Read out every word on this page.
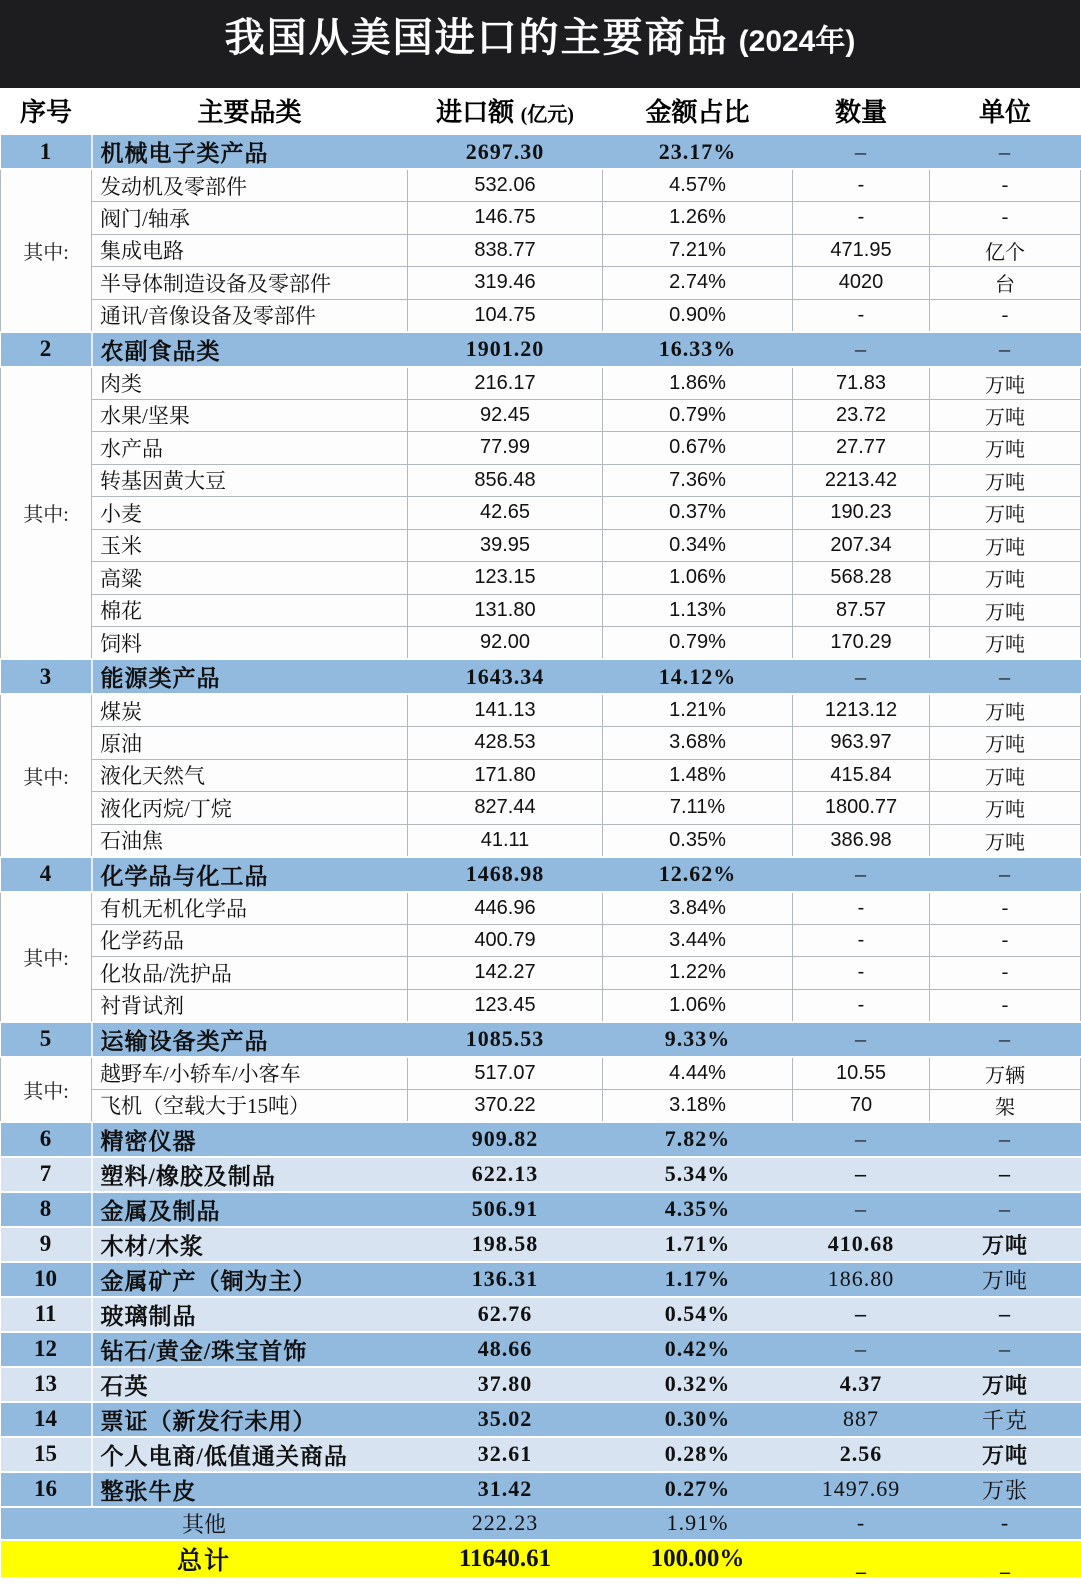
我国从美国进口的主要商品 (2024年)
序号	主要品类	进口额 (亿元)	金额占比	数量	单位
1	机械电子类产品	2697.30	23.17%	–	–
其中:	发动机及零部件	532.06	4.57%	-	-
	阀门/轴承	146.75	1.26%	-	-
	集成电路	838.77	7.21%	471.95	亿个
	半导体制造设备及零部件	319.46	2.74%	4020	台
	通讯/音像设备及零部件	104.75	0.90%	-	-
2	农副食品类	1901.20	16.33%	–	–
其中:	肉类	216.17	1.86%	71.83	万吨
	水果/坚果	92.45	0.79%	23.72	万吨
	水产品	77.99	0.67%	27.77	万吨
	转基因黄大豆	856.48	7.36%	2213.42	万吨
	小麦	42.65	0.37%	190.23	万吨
	玉米	39.95	0.34%	207.34	万吨
	高粱	123.15	1.06%	568.28	万吨
	棉花	131.80	1.13%	87.57	万吨
	饲料	92.00	0.79%	170.29	万吨
3	能源类产品	1643.34	14.12%	–	–
其中:	煤炭	141.13	1.21%	1213.12	万吨
	原油	428.53	3.68%	963.97	万吨
	液化天然气	171.80	1.48%	415.84	万吨
	液化丙烷/丁烷	827.44	7.11%	1800.77	万吨
	石油焦	41.11	0.35%	386.98	万吨
4	化学品与化工品	1468.98	12.62%	–	–
其中:	有机无机化学品	446.96	3.84%	-	-
	化学药品	400.79	3.44%	-	-
	化妆品/洗护品	142.27	1.22%	-	-
	衬背试剂	123.45	1.06%	-	-
5	运输设备类产品	1085.53	9.33%	–	–
其中:	越野车/小轿车/小客车	517.07	4.44%	10.55	万辆
	飞机（空载大于15吨）	370.22	3.18%	70	架
6	精密仪器	909.82	7.82%	–	–
7	塑料/橡胶及制品	622.13	5.34%	–	–
8	金属及制品	506.91	4.35%	–	–
9	木材/木浆	198.58	1.71%	410.68	万吨
10	金属矿产（铜为主）	136.31	1.17%	186.80	万吨
11	玻璃制品	62.76	0.54%	–	–
12	钻石/黄金/珠宝首饰	48.66	0.42%	–	–
13	石英	37.80	0.32%	4.37	万吨
14	票证（新发行未用）	35.02	0.30%	887	千克
15	个人电商/低值通关商品	32.61	0.28%	2.56	万吨
16	整张牛皮	31.42	0.27%	1497.69	万张
其他		222.23	1.91%	-	-
总计		11640.61	100.00%	–	–
